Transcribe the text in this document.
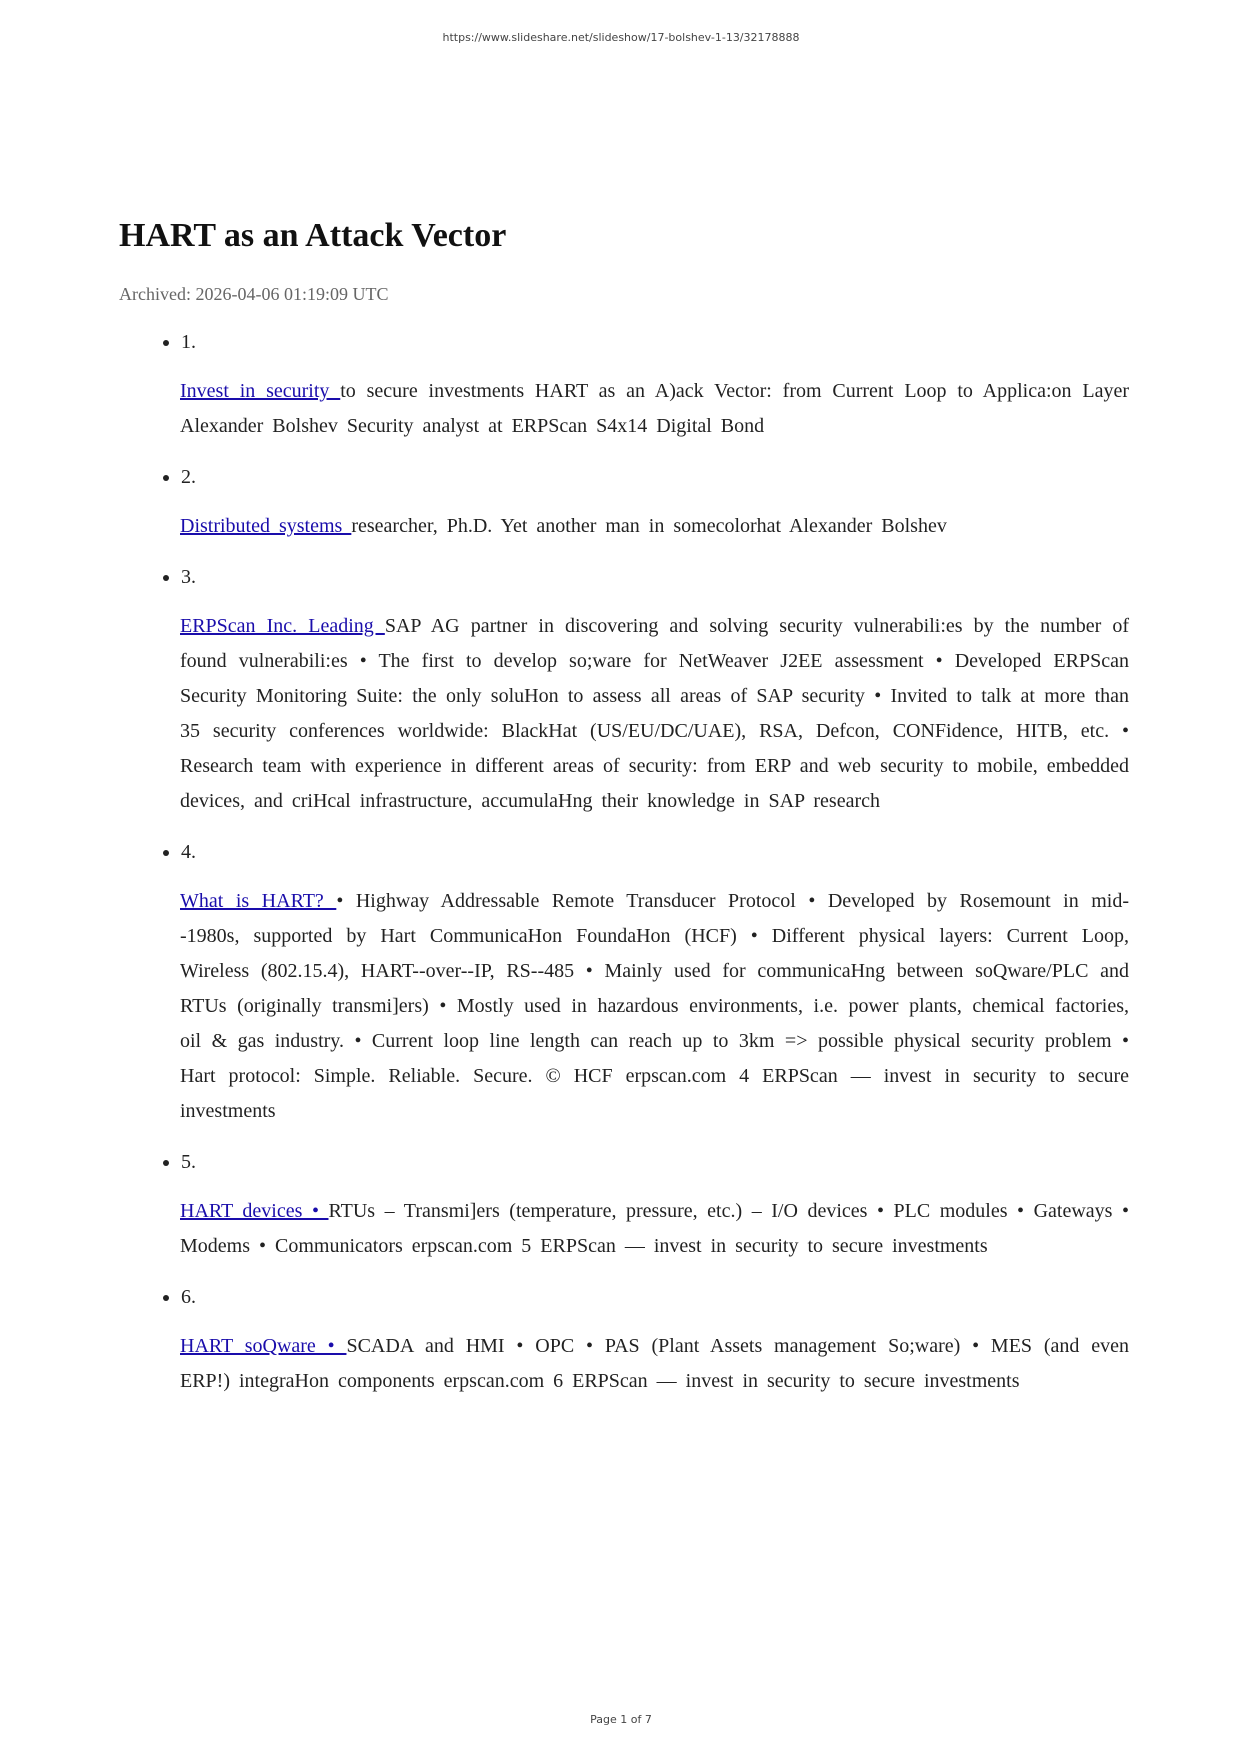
https://www.slideshare.net/slideshow/17-bolshev-1-13/32178888
HART as an Attack Vector
Archived: 2026-04-06 01:19:09 UTC
• 1.
Invest in security to secure investments HART as an A)ack Vector: from Current Loop to Applica:on Layer Alexander Bolshev Security analyst at ERPScan S4x14 Digital Bond
• 2.
Distributed systems researcher, Ph.D. Yet another man in somecolorhat Alexander Bolshev
• 3.
ERPScan Inc. Leading SAP AG partner in discovering and solving security vulnerabili:es by the number of found vulnerabili:es • The first to develop so;ware for NetWeaver J2EE assessment • Developed ERPScan Security Monitoring Suite: the only soluHon to assess all areas of SAP security • Invited to talk at more than 35 security conferences worldwide: BlackHat (US/EU/DC/UAE), RSA, Defcon, CONFidence, HITB, etc. • Research team with experience in different areas of security: from ERP and web security to mobile, embedded devices, and criHcal infrastructure, accumulaHng their knowledge in SAP research
• 4.
What is HART? • Highway Addressable Remote Transducer Protocol • Developed by Rosemount in mid--1980s, supported by Hart CommunicaHon FoundaHon (HCF) • Different physical layers: Current Loop, Wireless (802.15.4), HART--over--IP, RS--485 • Mainly used for communicaHng between soQware/PLC and RTUs (originally transmi]ers) • Mostly used in hazardous environments, i.e. power plants, chemical factories, oil & gas industry. • Current loop line length can reach up to 3km => possible physical security problem • Hart protocol: Simple. Reliable. Secure. © HCF erpscan.com 4 ERPScan — invest in security to secure investments
• 5.
HART devices • RTUs – Transmi]ers (temperature, pressure, etc.) – I/O devices • PLC modules • Gateways • Modems • Communicators erpscan.com 5 ERPScan — invest in security to secure investments
• 6.
HART soQware • SCADA and HMI • OPC • PAS (Plant Assets management So;ware) • MES (and even ERP!) integraHon components erpscan.com 6 ERPScan — invest in security to secure investments
Page 1 of 7
